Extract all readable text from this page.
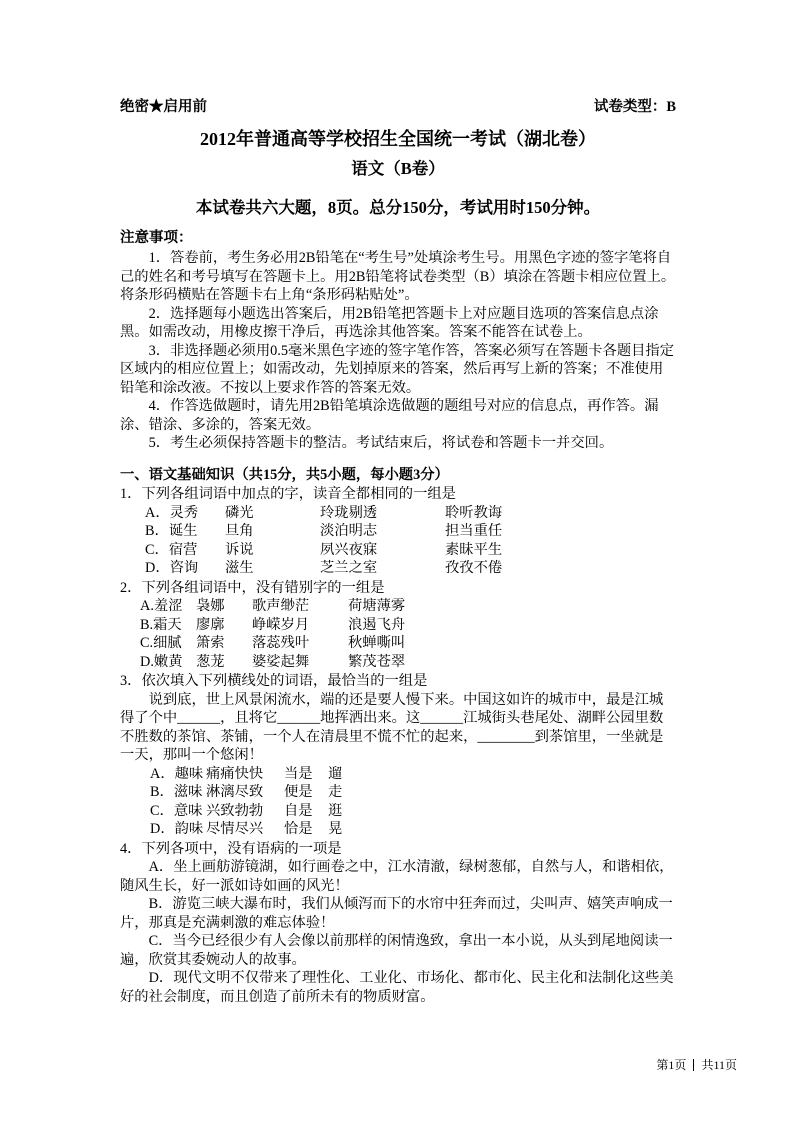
绝密★启用前	试卷类型：B

2012年普通高等学校招生全国统一考试（湖北卷）

语文（B卷）

本试卷共六大题，8页。总分150分，考试用时150分钟。

注意事项：

1．答卷前，考生务必用2B铅笔在“考生号”处填涂考生号。用黑色字迹的签字笔将自己的姓名和考号填写在答题卡上。用2B铅笔将试卷类型（B）填涂在答题卡相应位置上。将条形码横贴在答题卡右上角“条形码粘贴处”。

2．选择题每小题选出答案后，用2B铅笔把答题卡上对应题目选项的答案信息点涂黑。如需改动，用橡皮擦干净后，再选涂其他答案。答案不能答在试卷上。

3．非选择题必须用0.5毫米黑色字迹的签字笔作答，答案必须写在答题卡各题目指定区域内的相应位置上；如需改动，先划掉原来的答案，然后再写上新的答案；不准使用铅笔和涂改液。不按以上要求作答的答案无效。

4．作答选做题时，请先用2B铅笔填涂选做题的题组号对应的信息点，再作答。漏涂、错涂、多涂的，答案无效。

5．考生必须保持答题卡的整洁。考试结束后，将试卷和答题卡一并交回。

一、语文基础知识（共15分，共5小题，每小题3分）

1．下列各组词语中加点的字，读音全都相同的一组是

A．灵秀	磷光	玲珑剔透	聆听教诲
B．诞生	旦角	淡泊明志	担当重任
C．宿营	诉说	夙兴夜寐	素昧平生
D．咨询	滋生	芝兰之室	孜孜不倦

2．下列各组词语中，没有错别字的一组是

A.羞涩 袅娜	歌声缈茫	荷塘薄雾
B.霜天 廖廓	峥嵘岁月	浪遏飞舟
C.细腻 箫索	落蕊残叶	秋蝉嘶叫
D.嫩黄 葱茏	婆娑起舞	繁茂苍翠

3．依次填入下列横线处的词语，最恰当的一组是

说到底，世上风景闲流水，端的还是要人慢下来。中国这如许的城市中，最是江城得了个中______，且将它______地挥洒出来。这______江城街头巷尾处、湖畔公园里数不胜数的茶馆、茶铺，一个人在清晨里不慌不忙的起来，________到茶馆里，一坐就是一天，那叫一个悠闲！

A．趣味 痛痛快快	当是	遛
B．滋味 淋漓尽致	便是	走
C．意味 兴致勃勃	自是	逛
D．韵味 尽情尽兴	恰是	晃

4．下列各项中，没有语病的一项是

A．坐上画舫游镜湖，如行画卷之中，江水清澈，绿树葱郁，自然与人，和谐相依，随风生长，好一派如诗如画的风光！

B．游览三峡大瀑布时，我们从倾泻而下的水帘中狂奔而过，尖叫声、嬉笑声响成一片，那真是充满刺激的难忘体验！

C．当今已经很少有人会像以前那样的闲情逸致，拿出一本小说，从头到尾地阅读一遍，欣赏其委婉动人的故事。

D．现代文明不仅带来了理性化、工业化、市场化、都市化、民主化和法制化这些美好的社会制度，而且创造了前所未有的物质财富。

第1页 共11页
